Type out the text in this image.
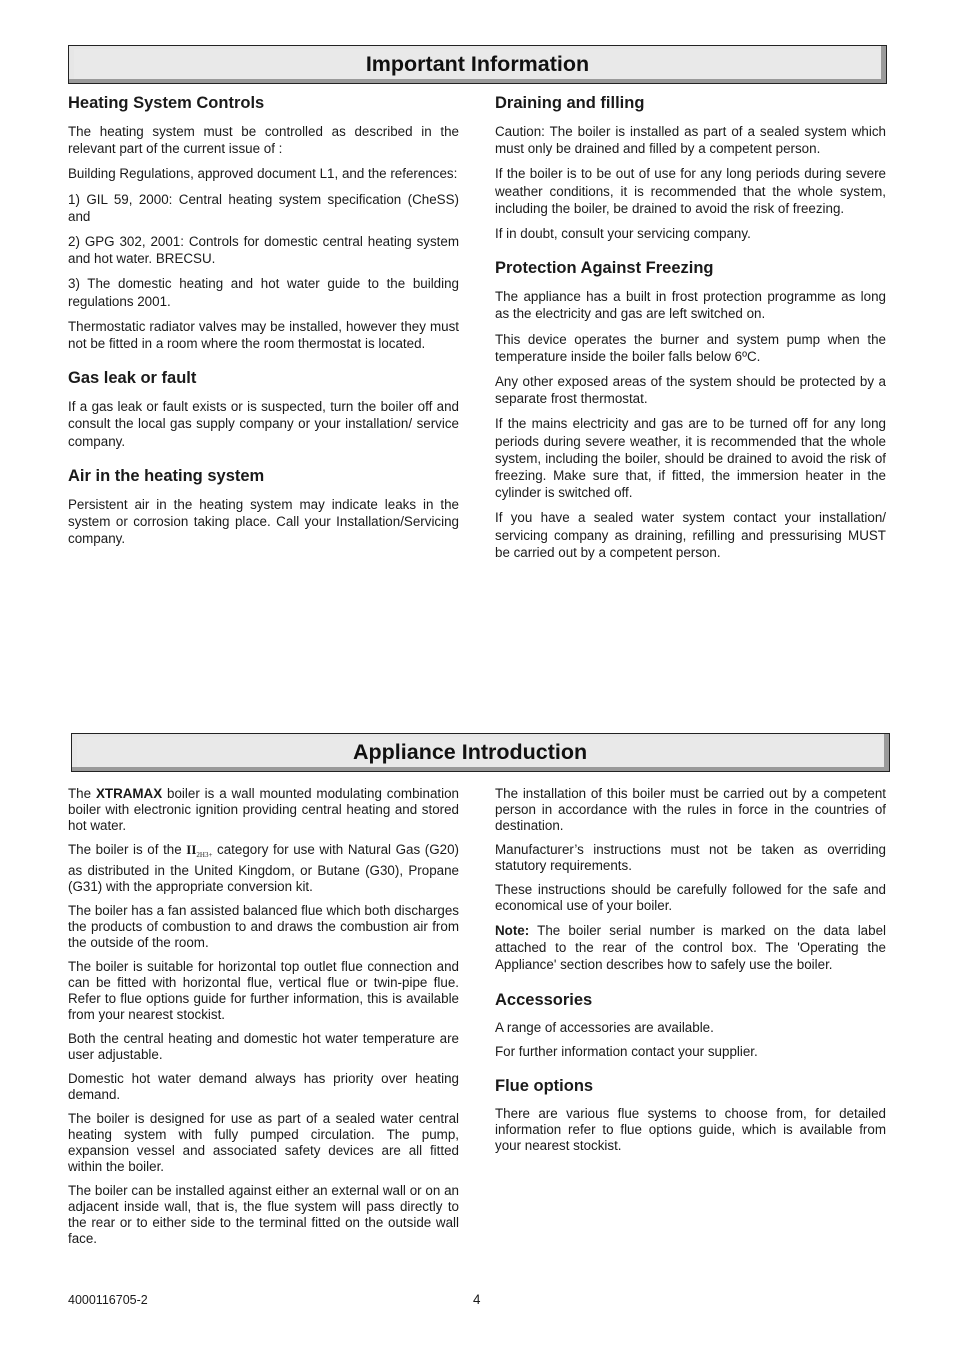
Important Information
Heating System Controls

The heating system must be controlled as described in the relevant part of the current issue of :

Building Regulations, approved document L1, and the references:

1) GIL 59, 2000: Central heating system specification (CheSS) and

2) GPG 302, 2001: Controls for domestic central heating system and hot water. BRECSU.

3) The domestic heating and hot water guide to the building regulations 2001.

Thermostatic radiator valves may be installed, however they must not be fitted in a room where the room thermostat is located.

Gas leak or fault

If a gas leak or fault exists or is suspected, turn the boiler off and consult the local gas supply company or your installation/ service company.

Air in the heating system

Persistent air in the heating system may indicate leaks in the system or corrosion taking place. Call your Installation/Servicing company.

Draining and filling

Caution: The boiler is installed as part of a sealed system which must only be drained and filled by a competent person.

If the boiler is to be out of use for any long periods during severe weather conditions, it is recommended that the whole system, including the boiler, be drained to avoid the risk of freezing.

If in doubt, consult your servicing company.

Protection Against Freezing

The appliance has a built in frost protection programme as long as the electricity and gas are left switched on.

This device operates the burner and system pump when the temperature inside the boiler falls below 6ºC.

Any other exposed areas of the system should be protected by a separate frost thermostat.

If the mains electricity and gas are to be turned off for any long periods during severe weather, it is recommended that the whole system, including the boiler, should be drained to avoid the risk of freezing. Make sure that, if fitted, the immersion heater in the cylinder is switched off.

If you have a sealed water system contact your installation/ servicing company as draining, refilling and pressurising MUST be carried out by a competent person.

Appliance Introduction

The XTRAMAX boiler is a wall mounted modulating combination boiler with electronic ignition providing central heating and stored hot water.

The boiler is of the $II_{2H3+}$ category for use with Natural Gas (G20) as distributed in the United Kingdom, or Butane (G30), Propane (G31) with the appropriate conversion kit.

The boiler has a fan assisted balanced flue which both discharges the products of combustion to and draws the combustion air from the outside of the room.

The boiler is suitable for horizontal top outlet flue connection and can be fitted with horizontal flue, vertical flue or twin-pipe flue. Refer to flue options guide for further information, this is available from your nearest stockist.

Both the central heating and domestic hot water temperature are user adjustable.

Domestic hot water demand always has priority over heating demand.

The boiler is designed for use as part of a sealed water central heating system with fully pumped circulation. The pump, expansion vessel and associated safety devices are all fitted within the boiler.

The boiler can be installed against either an external wall or on an adjacent inside wall, that is, the flue system will pass directly to the rear or to either side to the terminal fitted on the outside wall face.

The installation of this boiler must be carried out by a competent person in accordance with the rules in force in the countries of destination.

Manufacturer’s instructions must not be taken as overriding statutory requirements.

These instructions should be carefully followed for the safe and economical use of your boiler.

Note: The boiler serial number is marked on the data label attached to the rear of the control box. The 'Operating the Appliance' section describes how to safely use the boiler.

Accessories

A range of accessories are available.

For further information contact your supplier.

Flue options

There are various flue systems to choose from, for detailed information refer to flue options guide, which is available from your nearest stockist.

4000116705-2	4
